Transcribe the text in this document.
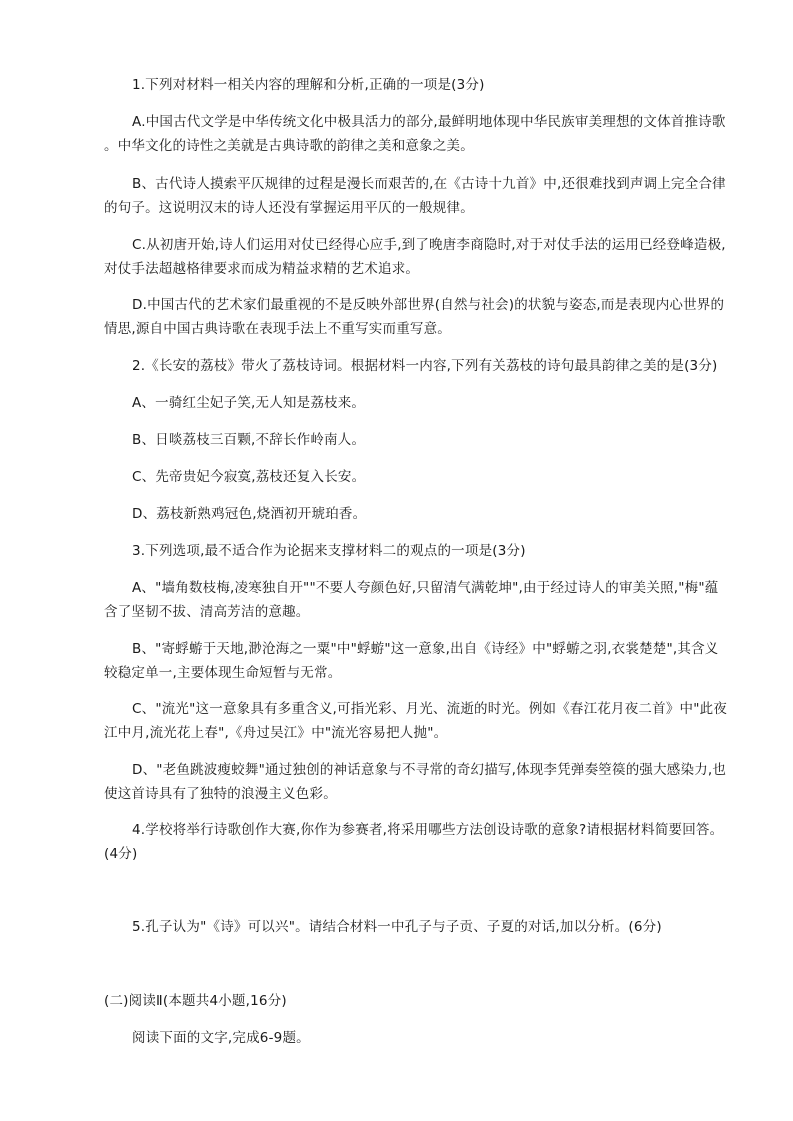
1.下列对材料一相关内容的理解和分析,正确的一项是(3分)
A.中国古代文学是中华传统文化中极具活力的部分,最鲜明地体现中华民族审美理想的文体首推诗歌
。中华文化的诗性之美就是古典诗歌的韵律之美和意象之美。
B、古代诗人摸索平仄规律的过程是漫长而艰苦的,在《古诗十九首》中,还很难找到声调上完全合律
的句子。这说明汉末的诗人还没有掌握运用平仄的一般规律。
C.从初唐开始,诗人们运用对仗已经得心应手,到了晚唐李商隐时,对于对仗手法的运用已经登峰造极,
对仗手法超越格律要求而成为精益求精的艺术追求。
D.中国古代的艺术家们最重视的不是反映外部世界(自然与社会)的状貌与姿态,而是表现内心世界的
情思,源自中国古典诗歌在表现手法上不重写实而重写意。
2.《长安的荔枝》带火了荔枝诗词。根据材料一内容,下列有关荔枝的诗句最具韵律之美的是(3分)
A、一骑红尘妃子笑,无人知是荔枝来。
B、日啖荔枝三百颗,不辞长作岭南人。
C、先帝贵妃今寂寞,荔枝还复入长安。
D、荔枝新熟鸡冠色,烧酒初开琥珀香。
3.下列选项,最不适合作为论据来支撑材料二的观点的一项是(3分)
A、"墙角数枝梅,凌寒独自开""不要人夸颜色好,只留清气满乾坤",由于经过诗人的审美关照,"梅"蕴
含了坚韧不拔、清高芳洁的意趣。
B、"寄蜉蝣于天地,渺沧海之一粟"中"蜉蝣"这一意象,出自《诗经》中"蜉蝣之羽,衣裳楚楚",其含义
较稳定单一,主要体现生命短暂与无常。
C、"流光"这一意象具有多重含义,可指光彩、月光、流逝的时光。例如《春江花月夜二首》中"此夜
江中月,流光花上春",《舟过吴江》中"流光容易把人抛"。
D、"老鱼跳波瘦蛟舞"通过独创的神话意象与不寻常的奇幻描写,体现李凭弹奏箜篌的强大感染力,也
使这首诗具有了独特的浪漫主义色彩。
4.学校将举行诗歌创作大赛,你作为参赛者,将采用哪些方法创设诗歌的意象?请根据材料简要回答。
(4分)
5.孔子认为"《诗》可以兴"。请结合材料一中孔子与子贡、子夏的对话,加以分析。(6分)
(二)阅读Ⅱ(本题共4小题,16分)
阅读下面的文字,完成6-9题。
